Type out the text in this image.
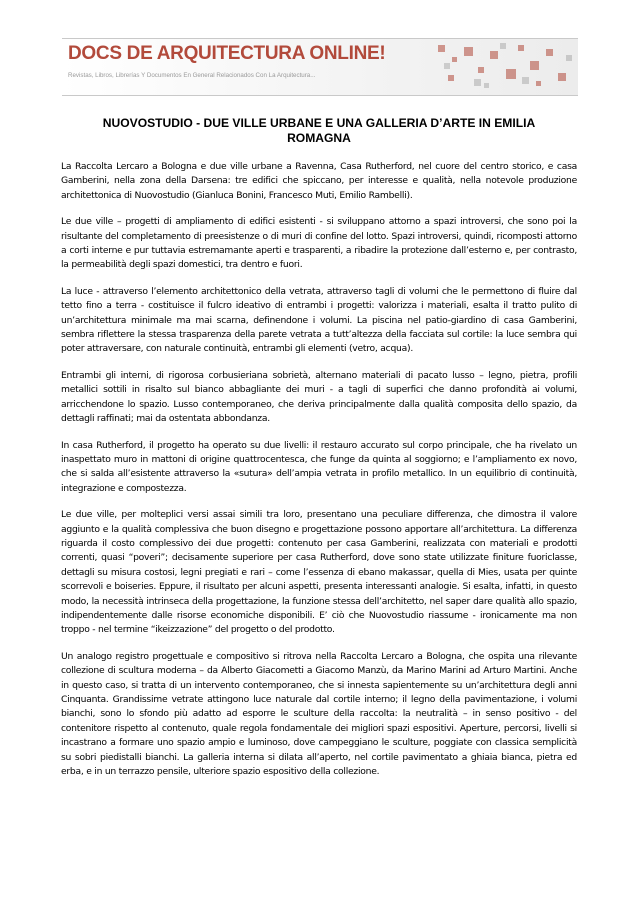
DOCS DE ARQUITECTURA ONLINE!
Revistas, Libros, Librerías Y Documentos En General Relacionados Con La Arquitectura...
NUOVOSTUDIO - DUE VILLE URBANE E UNA GALLERIA D’ARTE IN EMILIA ROMAGNA

La Raccolta Lercaro a Bologna e due ville urbane a Ravenna, Casa Rutherford, nel cuore del centro storico, e casa Gamberini, nella zona della Darsena: tre edifici che spiccano, per interesse e qualità, nella notevole produzione architettonica di Nuovostudio (Gianluca Bonini, Francesco Muti, Emilio Rambelli).

Le due ville – progetti di ampliamento di edifici esistenti - si sviluppano attorno a spazi introversi, che sono poi la risultante del completamento di preesistenze o di muri di confine del lotto. Spazi introversi, quindi, ricomposti attorno a corti interne e pur tuttavia estremamante aperti e trasparenti, a ribadire la protezione dall’esterno e, per contrasto, la permeabilità degli spazi domestici, tra dentro e fuori.

La luce - attraverso l’elemento architettonico della vetrata, attraverso tagli di volumi che le permettono di fluire dal tetto fino a terra - costituisce il fulcro ideativo di entrambi i progetti: valorizza i materiali, esalta il tratto pulito di un’architettura minimale ma mai scarna, definendone i volumi. La piscina nel patio-giardino di casa Gamberini, sembra riflettere la stessa trasparenza della parete vetrata a tutt’altezza della facciata sul cortile: la luce sembra qui poter attraversare, con naturale continuità, entrambi gli elementi (vetro, acqua).

Entrambi gli interni, di rigorosa corbusieriana sobrietà, alternano materiali di pacato lusso – legno, pietra, profili metallici sottili in risalto sul bianco abbagliante dei muri - a tagli di superfici che danno profondità ai volumi, arricchendone lo spazio. Lusso contemporaneo, che deriva principalmente dalla qualità composita dello spazio, da dettagli raffinati; mai da ostentata abbondanza.

In casa Rutherford, il progetto ha operato su due livelli: il restauro accurato sul corpo principale, che ha rivelato un inaspettato muro in mattoni di origine quattrocentesca, che funge da quinta al soggiorno; e l’ampliamento ex novo, che si salda all’esistente attraverso la «sutura» dell’ampia vetrata in profilo metallico. In un equilibrio di continuità, integrazione e compostezza.

Le due ville, per molteplici versi assai simili tra loro, presentano una peculiare differenza, che dimostra il valore aggiunto e la qualità complessiva che buon disegno e progettazione possono apportare all’architettura. La differenza riguarda il costo complessivo dei due progetti: contenuto per casa Gamberini, realizzata con materiali e prodotti correnti, quasi “poveri”; decisamente superiore per casa Rutherford, dove sono state utilizzate finiture fuoriclasse, dettagli su misura costosi, legni pregiati e rari – come l’essenza di ebano makassar, quella di Mies, usata per quinte scorrevoli e boiseries. Eppure, il risultato per alcuni aspetti, presenta interessanti analogie. Si esalta, infatti, in questo modo, la necessità intrinseca della progettazione, la funzione stessa dell’architetto, nel saper dare qualità allo spazio, indipendentemente dalle risorse economiche disponibili. E’ ciò che Nuovostudio riassume - ironicamente ma non troppo - nel termine “ikeizzazione” del progetto o del prodotto.

Un analogo registro progettuale e compositivo si ritrova nella Raccolta Lercaro a Bologna, che ospita una rilevante collezione di scultura moderna – da Alberto Giacometti a Giacomo Manzù, da Marino Marini ad Arturo Martini. Anche in questo caso, si tratta di un intervento contemporaneo, che si innesta sapientemente su un’architettura degli anni Cinquanta. Grandissime vetrate attingono luce naturale dal cortile interno; il legno della pavimentazione, i volumi bianchi, sono lo sfondo più adatto ad esporre le sculture della raccolta: la neutralità – in senso positivo - del contenitore rispetto al contenuto, quale regola fondamentale dei migliori spazi espositivi. Aperture, percorsi, livelli si incastrano a formare uno spazio ampio e luminoso, dove campeggiano le sculture, poggiate con classica semplicità su sobri piedistalli bianchi. La galleria interna si dilata all’aperto, nel cortile pavimentato a ghiaia bianca, pietra ed erba, e in un terrazzo pensile, ulteriore spazio espositivo della collezione.
